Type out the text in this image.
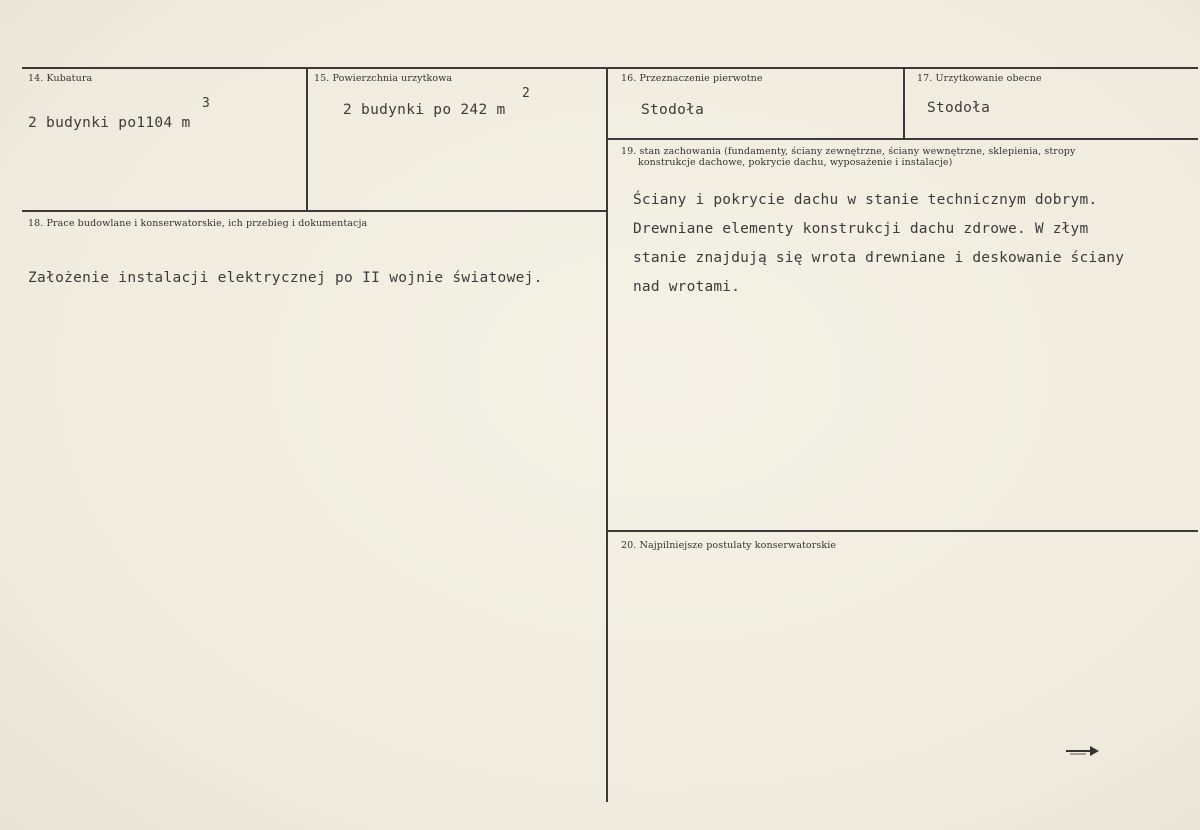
14. Kubatura
2 budynki po1104 m
3
15. Powierzchnia urzytkowa
2 budynki po 242 m
2
16. Przeznaczenie pierwotne
Stodoła
17. Urzytkowanie obecne
Stodoła
18. Prace budowlane i konserwatorskie, ich przebieg i dokumentacja
Założenie instalacji elektrycznej po II wojnie światowej.
19. stan zachowania (fundamenty, ściany zewnętrzne, ściany wewnętrzne, sklepienia, stropy
konstrukcje dachowe, pokrycie dachu, wyposażenie i instalacje)
Ściany i pokrycie dachu w stanie technicznym dobrym.
Drewniane elementy konstrukcji dachu zdrowe. W złym
stanie znajdują się wrota drewniane i deskowanie ściany
nad wrotami.
20. Najpilniejsze postulaty konserwatorskie
